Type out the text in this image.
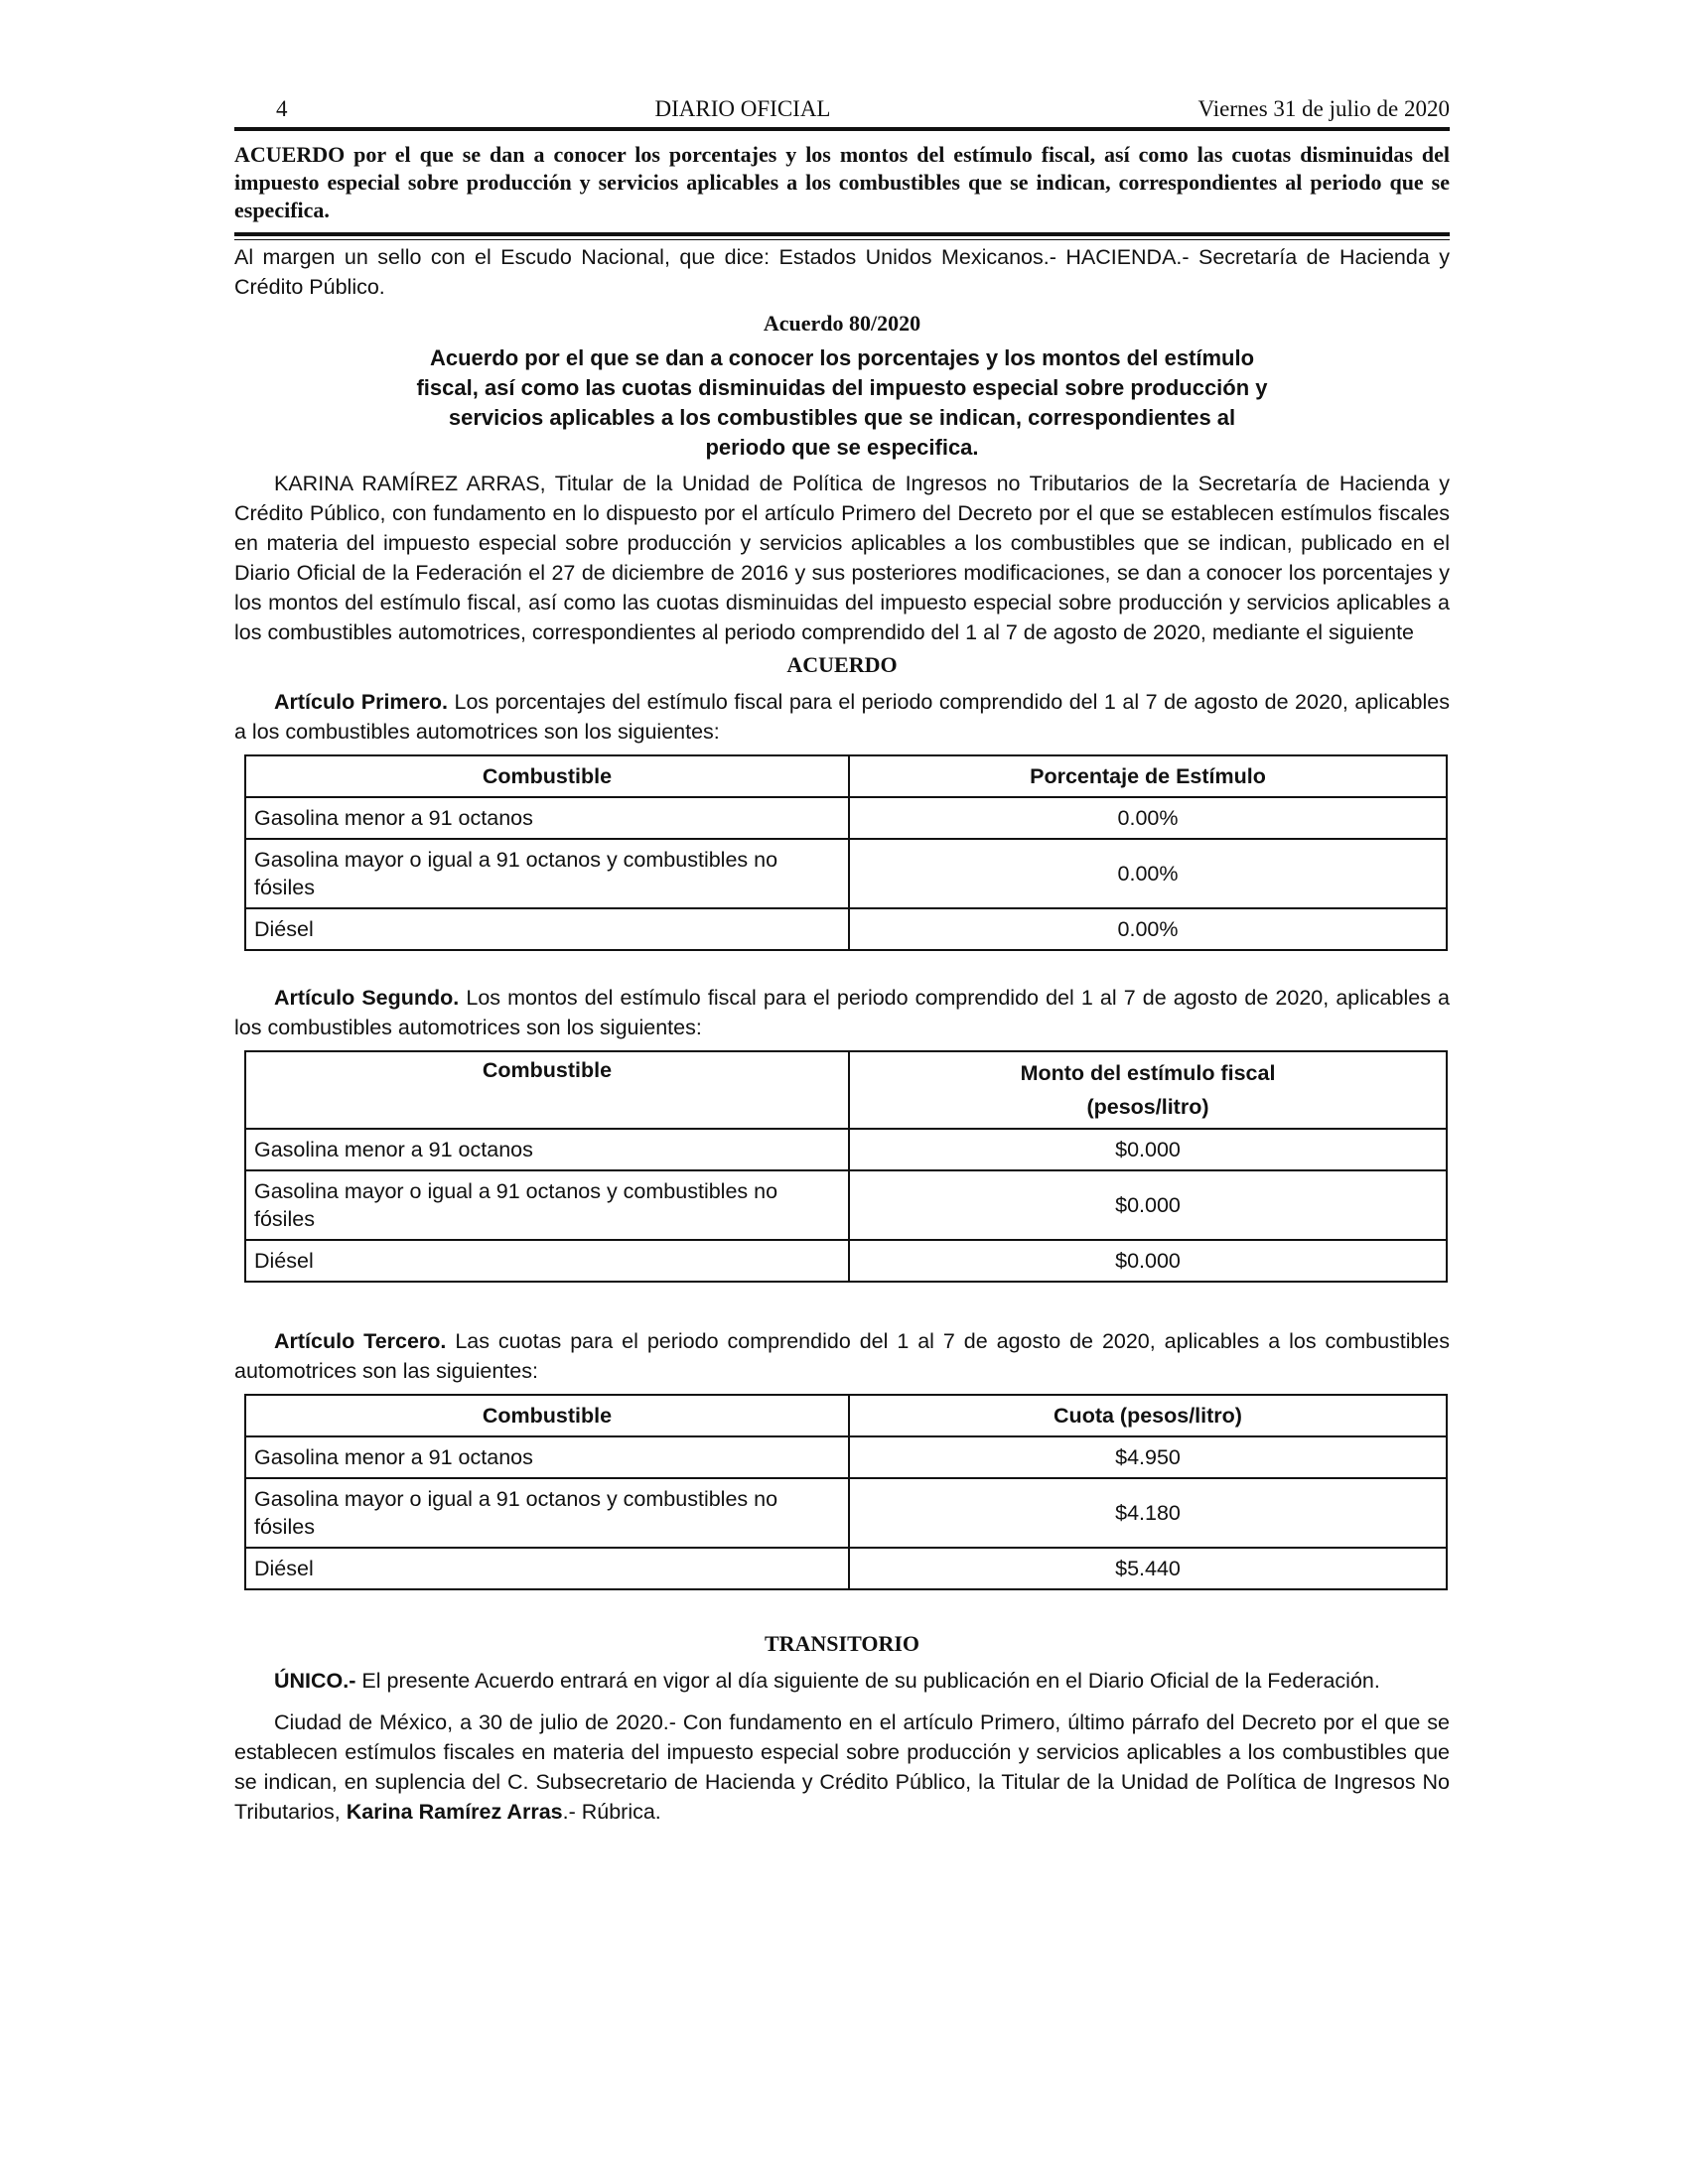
4	DIARIO OFICIAL	Viernes 31 de julio de 2020
ACUERDO por el que se dan a conocer los porcentajes y los montos del estímulo fiscal, así como las cuotas disminuidas del impuesto especial sobre producción y servicios aplicables a los combustibles que se indican, correspondientes al periodo que se especifica.

Al margen un sello con el Escudo Nacional, que dice: Estados Unidos Mexicanos.- HACIENDA.- Secretaría de Hacienda y Crédito Público.

Acuerdo 80/2020

Acuerdo por el que se dan a conocer los porcentajes y los montos del estímulo fiscal, así como las cuotas disminuidas del impuesto especial sobre producción y servicios aplicables a los combustibles que se indican, correspondientes al periodo que se especifica.

KARINA RAMÍREZ ARRAS, Titular de la Unidad de Política de Ingresos no Tributarios de la Secretaría de Hacienda y Crédito Público, con fundamento en lo dispuesto por el artículo Primero del Decreto por el que se establecen estímulos fiscales en materia del impuesto especial sobre producción y servicios aplicables a los combustibles que se indican, publicado en el Diario Oficial de la Federación el 27 de diciembre de 2016 y sus posteriores modificaciones, se dan a conocer los porcentajes y los montos del estímulo fiscal, así como las cuotas disminuidas del impuesto especial sobre producción y servicios aplicables a los combustibles automotrices, correspondientes al periodo comprendido del 1 al 7 de agosto de 2020, mediante el siguiente

ACUERDO

Artículo Primero. Los porcentajes del estímulo fiscal para el periodo comprendido del 1 al 7 de agosto de 2020, aplicables a los combustibles automotrices son los siguientes:

Combustible	Porcentaje de Estímulo
Gasolina menor a 91 octanos	0.00%
Gasolina mayor o igual a 91 octanos y combustibles no fósiles	0.00%
Diésel	0.00%

Artículo Segundo. Los montos del estímulo fiscal para el periodo comprendido del 1 al 7 de agosto de 2020, aplicables a los combustibles automotrices son los siguientes:

Combustible	Monto del estímulo fiscal
(pesos/litro)

Gasolina menor a 91 octanos	$0.000
Gasolina mayor o igual a 91 octanos y combustibles no fósiles	$0.000
Diésel	$0.000

Artículo Tercero. Las cuotas para el periodo comprendido del 1 al 7 de agosto de 2020, aplicables a los combustibles automotrices son las siguientes:

Combustible	Cuota (pesos/litro)
Gasolina menor a 91 octanos	$4.950
Gasolina mayor o igual a 91 octanos y combustibles no fósiles	$4.180
Diésel	$5.440

TRANSITORIO

ÚNICO.- El presente Acuerdo entrará en vigor al día siguiente de su publicación en el Diario Oficial de la Federación.

Ciudad de México, a 30 de julio de 2020.- Con fundamento en el artículo Primero, último párrafo del Decreto por el que se establecen estímulos fiscales en materia del impuesto especial sobre producción y servicios aplicables a los combustibles que se indican, en suplencia del C. Subsecretario de Hacienda y Crédito Público, la Titular de la Unidad de Política de Ingresos No Tributarios, Karina Ramírez Arras.- Rúbrica.
